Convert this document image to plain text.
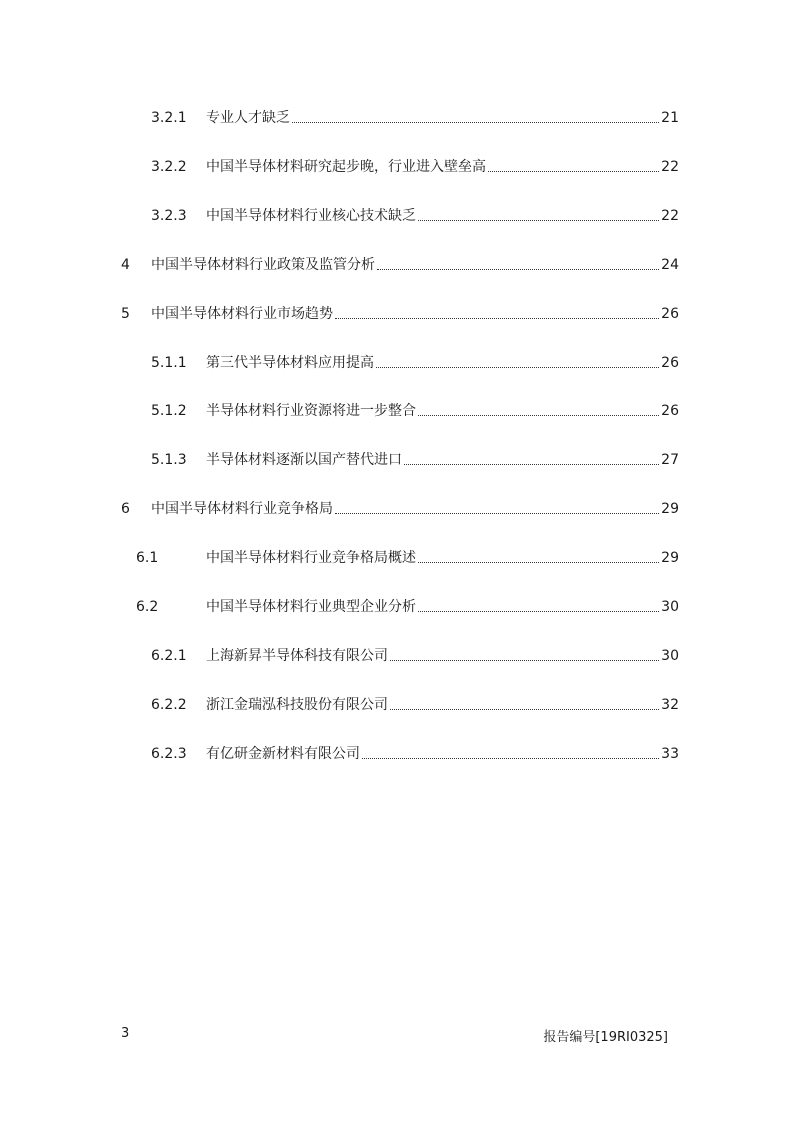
3.2.1	专业人才缺乏	21
3.2.2	中国半导体材料研究起步晚，行业进入壁垒高	22
3.2.3	中国半导体材料行业核心技术缺乏	22
4	中国半导体材料行业政策及监管分析	24
5	中国半导体材料行业市场趋势	26
5.1.1	第三代半导体材料应用提高	26
5.1.2	半导体材料行业资源将进一步整合	26
5.1.3	半导体材料逐渐以国产替代进口	27
6	中国半导体材料行业竞争格局	29
6.1	中国半导体材料行业竞争格局概述	29
6.2	中国半导体材料行业典型企业分析	30
6.2.1	上海新昇半导体科技有限公司	30
6.2.2	浙江金瑞泓科技股份有限公司	32
6.2.3	有亿研金新材料有限公司	33
3	报告编号[19RI0325]
